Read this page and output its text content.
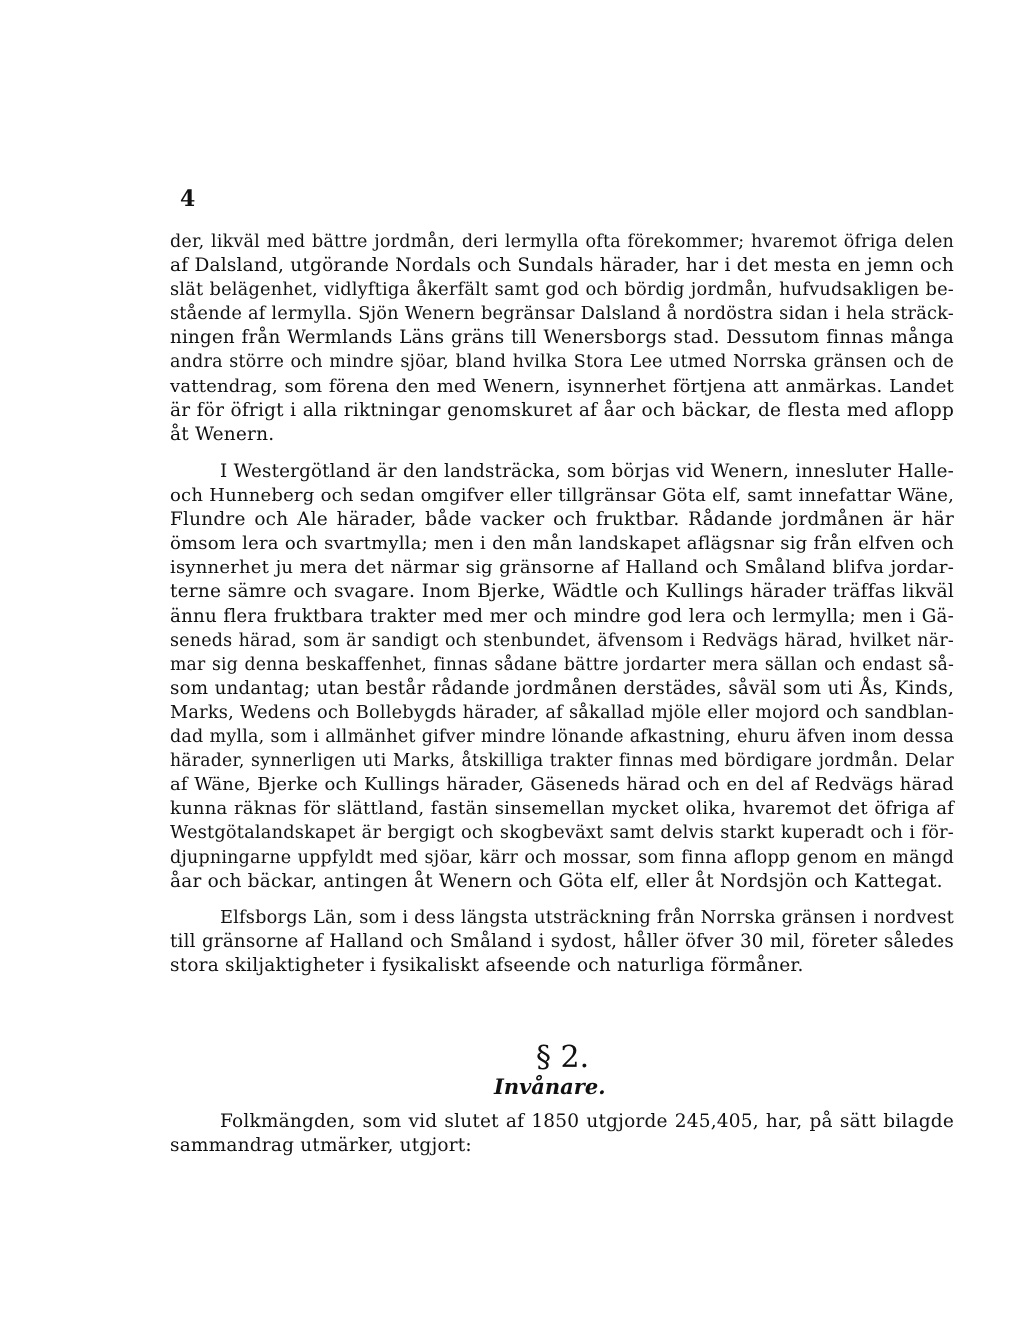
4
der, likväl med bättre jordmån, deri lermylla ofta förekommer; hvaremot öfriga delen
af Dalsland, utgörande Nordals och Sundals härader, har i det mesta en jemn och
slät belägenhet, vidlyftiga åkerfält samt god och bördig jordmån, hufvudsakligen be-
stående af lermylla. Sjön Wenern begränsar Dalsland å nordöstra sidan i hela sträck-
ningen från Wermlands Läns gräns till Wenersborgs stad. Dessutom finnas många
andra större och mindre sjöar, bland hvilka Stora Lee utmed Norrska gränsen och de
vattendrag, som förena den med Wenern, isynnerhet förtjena att anmärkas. Landet
är för öfrigt i alla riktningar genomskuret af åar och bäckar, de flesta med aflopp
åt Wenern.
I Westergötland är den landsträcka, som börjas vid Wenern, innesluter Halle-
och Hunneberg och sedan omgifver eller tillgränsar Göta elf, samt innefattar Wäne,
Flundre och Ale härader, både vacker och fruktbar. Rådande jordmånen är här
ömsom lera och svartmylla; men i den mån landskapet aflägsnar sig från elfven och
isynnerhet ju mera det närmar sig gränsorne af Halland och Småland blifva jordar-
terne sämre och svagare. Inom Bjerke, Wädtle och Kullings härader träffas likväl
ännu flera fruktbara trakter med mer och mindre god lera och lermylla; men i Gä-
seneds härad, som är sandigt och stenbundet, äfvensom i Redvägs härad, hvilket när-
mar sig denna beskaffenhet, finnas sådane bättre jordarter mera sällan och endast så-
som undantag; utan består rådande jordmånen derstädes, såväl som uti Ås, Kinds,
Marks, Wedens och Bollebygds härader, af såkallad mjöle eller mojord och sandblan-
dad mylla, som i allmänhet gifver mindre lönande afkastning, ehuru äfven inom dessa
härader, synnerligen uti Marks, åtskilliga trakter finnas med bördigare jordmån. Delar
af Wäne, Bjerke och Kullings härader, Gäseneds härad och en del af Redvägs härad
kunna räknas för slättland, fastän sinsemellan mycket olika, hvaremot det öfriga af
Westgötalandskapet är bergigt och skogbeväxt samt delvis starkt kuperadt och i för-
djupningarne uppfyldt med sjöar, kärr och mossar, som finna aflopp genom en mängd
åar och bäckar, antingen åt Wenern och Göta elf, eller åt Nordsjön och Kattegat.
Elfsborgs Län, som i dess längsta utsträckning från Norrska gränsen i nordvest
till gränsorne af Halland och Småland i sydost, håller öfver 30 mil, företer således
stora skiljaktigheter i fysikaliskt afseende och naturliga förmåner.
§ 2.
Invånare.
Folkmängden, som vid slutet af 1850 utgjorde 245,405, har, på sätt bilagde
sammandrag utmärker, utgjort:
